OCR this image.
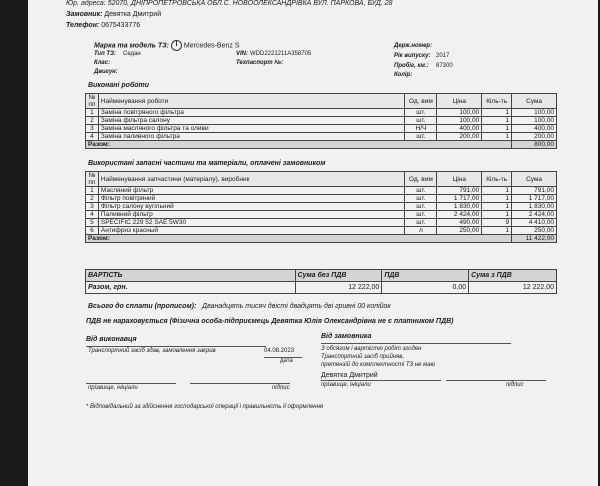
Юр. адреса: 52070, ДНІПРОПЕТРОВСЬКА ОБЛ.С. НОВООЛЕКСАНДРІВКА ВУЛ. ПАРКОВА, БУД. 28
Замовник: Девятка Дмитрий
Телефон: 0675433776
Марка та модель ТЗ: Mercedes-Benz S
Тип ТЗ: Седан	VIN: WDD2221211A358705
Клас:	Техпаспорт №:
Двигун:
Держ.номер:
Рік випуску: 2017
Пробіг, км.: 87300
Колір:
Виконані роботи
№ пп	Найменування роботи	Од. вим	Ціна	Кіль-ть	Сума
1	Заміна повітряного фільтра	шт.	100,00	1	100,00
2	Заміна фільтра салону	шт.	100,00	1	100,00
3	Заміна масляного фільтра та оливи	Н/Ч	400,00	1	400,00
4	Заміна паливного фільтра	шт.	200,00	1	200,00
Разом:					800,00
Використані запасні частини та матеріали, оплачені замовником
№ пп	Найменування запчастини (матеріалу), виробник	Од. вим	Ціна	Кіль-ть	Сума
1	Масляний фільтр	шт.	791,00	1	791,00
2	Фільтр повітряний	шт.	1 717,00	1	1 717,00
3	Фільтр салону вугільний	шт.	1 830,00	1	1 830,00
4	Паливний фільтр	шт.	2 424,00	1	2 424,00
5	SPECIFIC 229 52 SAE 5W30	шт.	490,00	9	4 410,00
6	Антифриз красный	л	250,00	1	250,00
Разом:					11 422,00
ВАРТІСТЬ	Сума без ПДВ	ПДВ	Сума з ПДВ
Разом, грн.	12 222,00	0,00	12 222,00
Всього до сплати (прописом): Дванадцять тисяч двісті двадцять дві гривні 00 копійок
ПДВ не нараховується (Фізична особа-підприємець Девятка Юлія Олександрівна не є платником ПДВ)
Від виконавця
Транспортний засіб здав, замовлення закрив	04.08.2023
дата
Від замовника
З обсягом і вартістю робіт згоден
Транспортний засіб прийняв,
претензій до комплектності ТЗ не маю
Девятка Дмитрий
прізвище, ініціали	підпис	прізвище, ініціали	підпис
* Відповідальний за здійснення господарської операції і правильність її оформлення
